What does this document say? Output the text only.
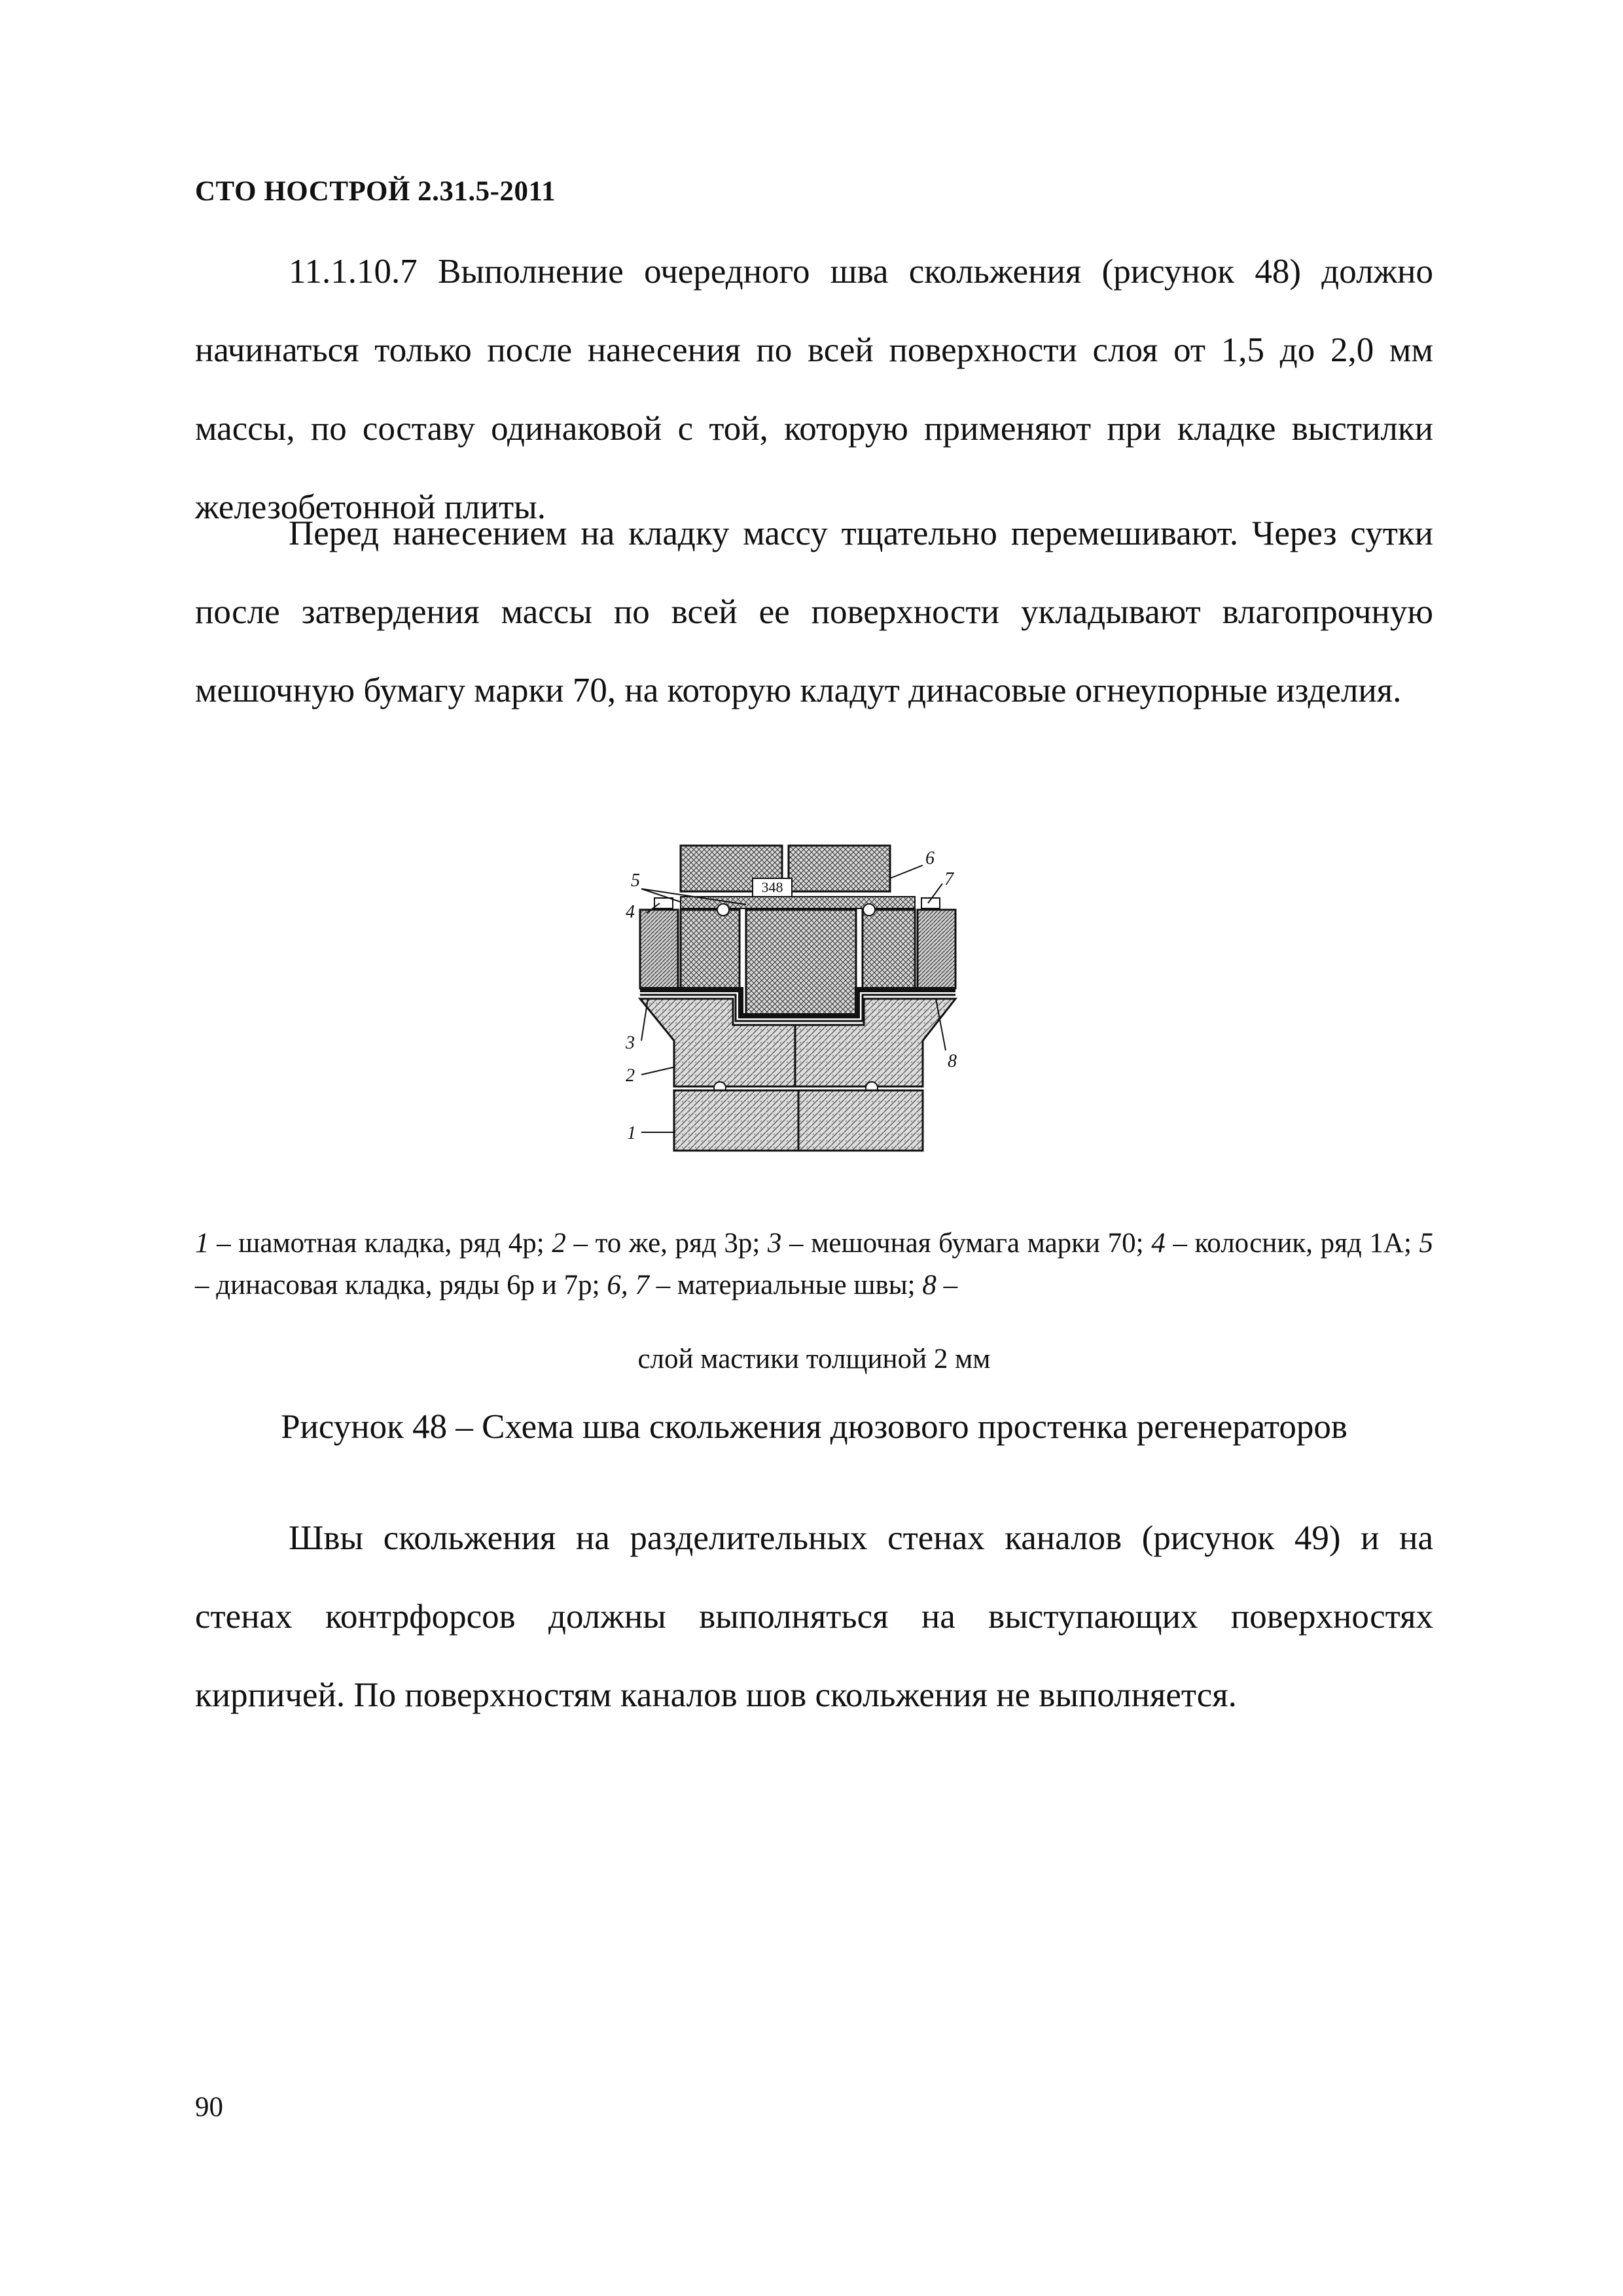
СТО НОСТРОЙ 2.31.5-2011

11.1.10.7 Выполнение очередного шва скольжения (рисунок 48) должно начинаться только после нанесения по всей поверхности слоя от 1,5 до 2,0 мм массы, по составу одинаковой с той, которую применяют при кладке выстилки железобетонной плиты.

Перед нанесением на кладку массу тщательно перемешивают. Через сутки после затвердения массы по всей ее поверхности укладывают влагопрочную мешочную бумагу марки 70, на которую кладут динасовые огнеупорные изделия.

348
5
4
6
7
3
2
1
8

1 – шамотная кладка, ряд 4р; 2 – то же, ряд 3р; 3 – мешочная бумага марки 70; 4 – колосник, ряд 1А; 5 – динасовая кладка, ряды 6р и 7р; 6, 7 – материальные швы; 8 –

слой мастики толщиной 2 мм

Рисунок 48 – Схема шва скольжения дюзового простенка регенераторов

Швы скольжения на разделительных стенах каналов (рисунок 49) и на стенах контрфорсов должны выполняться на выступающих поверхностях кирпичей. По поверхностям каналов шов скольжения не выполняется.

90
